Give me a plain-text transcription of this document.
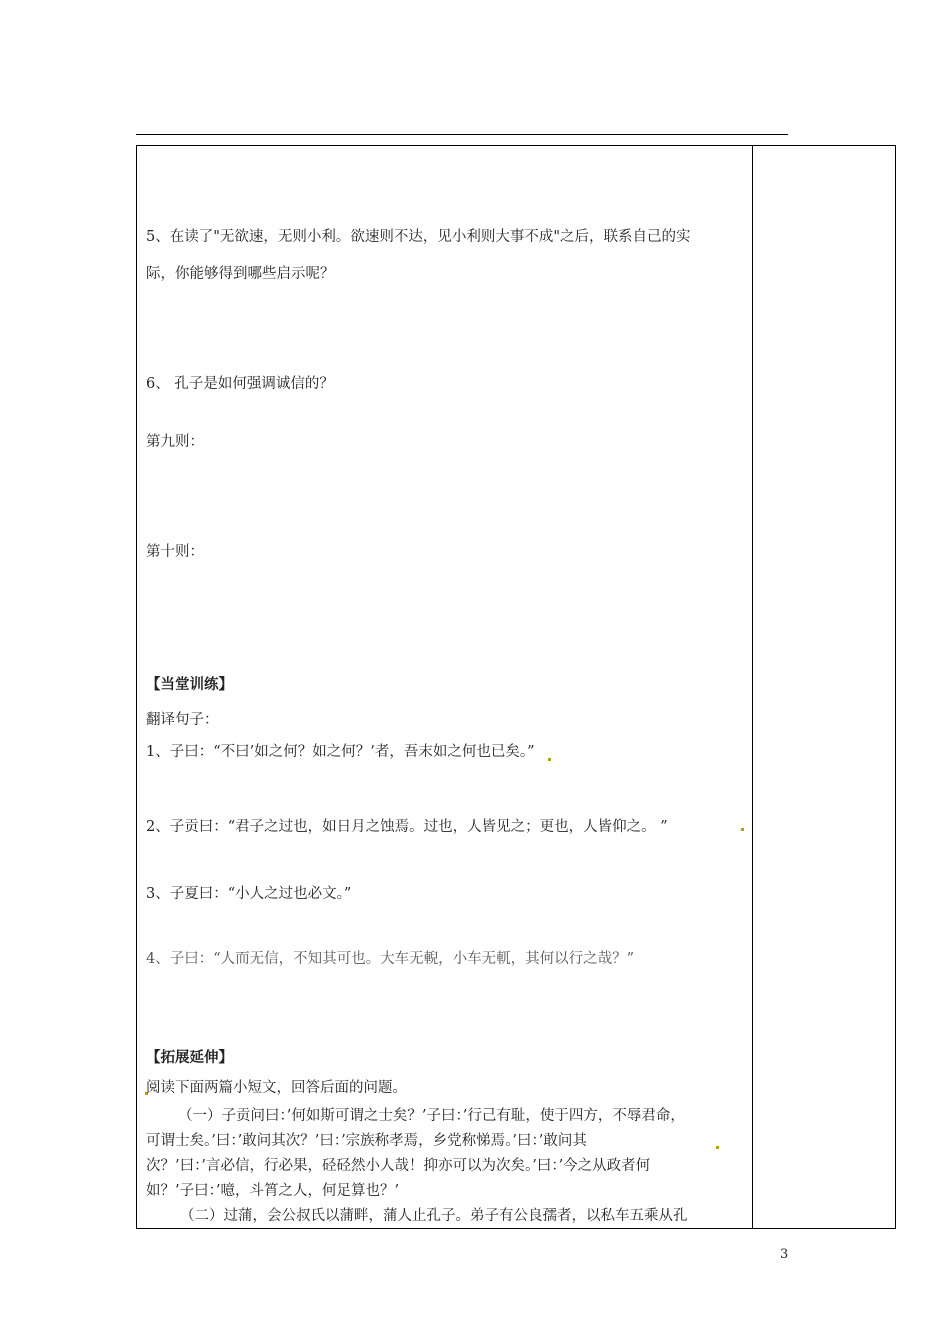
5、在读了"无欲速，无则小利。欲速则不达，见小利则大事不成"之后，联系自己的实
际，你能够得到哪些启示呢？
6、 孔子是如何强调诚信的？
第九则：
第十则：
【当堂训练】
翻译句子：
1、子曰：“不曰’如之何？如之何？’者，吾末如之何也已矣。”
2、子贡曰：“君子之过也，如日月之蚀焉。过也，人皆见之；更也，人皆仰之。 ”
3、子夏曰：“小人之过也必文。”
4、子曰：“人而无信，不知其可也。大车无輗，小车无軏，其何以行之哉？”
【拓展延伸】
阅读下面两篇小短文，回答后面的问题。
（一）子贡问曰：’何如斯可谓之士矣？’子曰：’行己有耻，使于四方，不辱君命，
可谓士矣。’曰：’敢问其次？’曰：’宗族称孝焉，乡党称悌焉。’曰：’敢问其
次？’曰：’言必信，行必果，硁硁然小人哉！抑亦可以为次矣。’曰：’今之从政者何
如？’子曰：’噫，斗筲之人，何足算也？’
（二）过蒲，会公叔氏以蒲畔，蒲人止孔子。弟子有公良孺者，以私车五乘从孔
3
